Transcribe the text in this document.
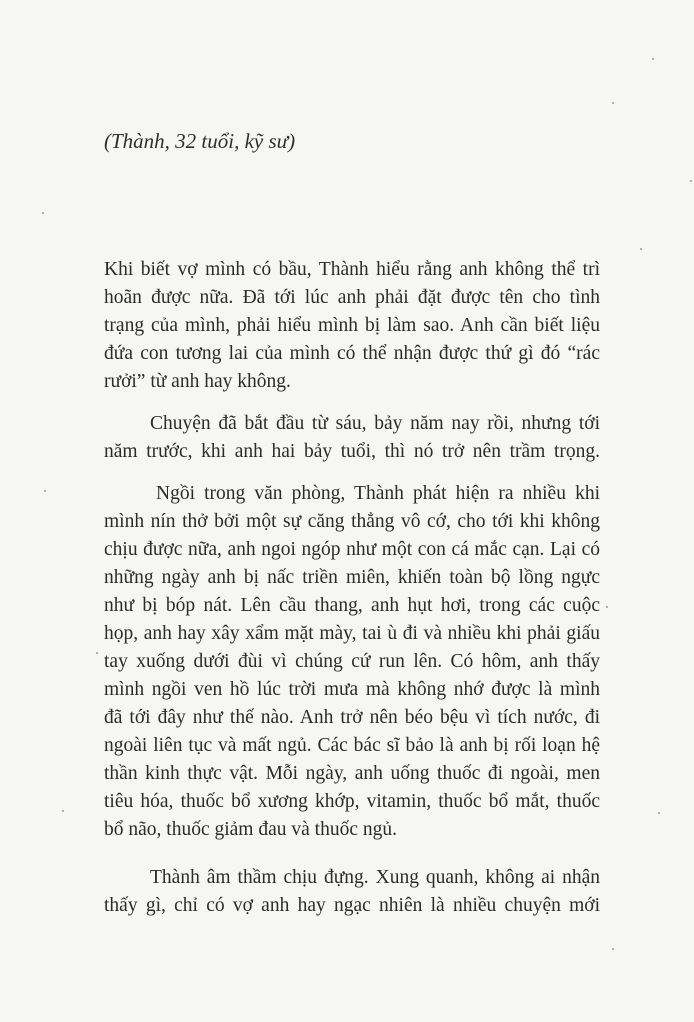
(Thành, 32 tuổi, kỹ sư)
Khi biết vợ mình có bầu, Thành hiểu rằng anh không thể trì
hoãn được nữa. Đã tới lúc anh phải đặt được tên cho tình
trạng của mình, phải hiểu mình bị làm sao. Anh cần biết liệu
đứa con tương lai của mình có thể nhận được thứ gì đó “rác
rưởi” từ anh hay không.
Chuyện đã bắt đầu từ sáu, bảy năm nay rồi, nhưng tới
năm trước, khi anh hai bảy tuổi, thì nó trở nên trầm trọng.
Ngồi trong văn phòng, Thành phát hiện ra nhiều khi
mình nín thở bởi một sự căng thẳng vô cớ, cho tới khi không
chịu được nữa, anh ngoi ngóp như một con cá mắc cạn. Lại có
những ngày anh bị nấc triền miên, khiến toàn bộ lồng ngực
như bị bóp nát. Lên cầu thang, anh hụt hơi, trong các cuộc
họp, anh hay xây xẩm mặt mày, tai ù đi và nhiều khi phải giấu
tay xuống dưới đùi vì chúng cứ run lên. Có hôm, anh thấy
mình ngồi ven hồ lúc trời mưa mà không nhớ được là mình
đã tới đây như thế nào. Anh trở nên béo bệu vì tích nước, đi
ngoài liên tục và mất ngủ. Các bác sĩ bảo là anh bị rối loạn hệ
thần kinh thực vật. Mỗi ngày, anh uống thuốc đi ngoài, men
tiêu hóa, thuốc bổ xương khớp, vitamin, thuốc bổ mắt, thuốc
bổ não, thuốc giảm đau và thuốc ngủ.
Thành âm thầm chịu đựng. Xung quanh, không ai nhận
thấy gì, chỉ có vợ anh hay ngạc nhiên là nhiều chuyện mới
